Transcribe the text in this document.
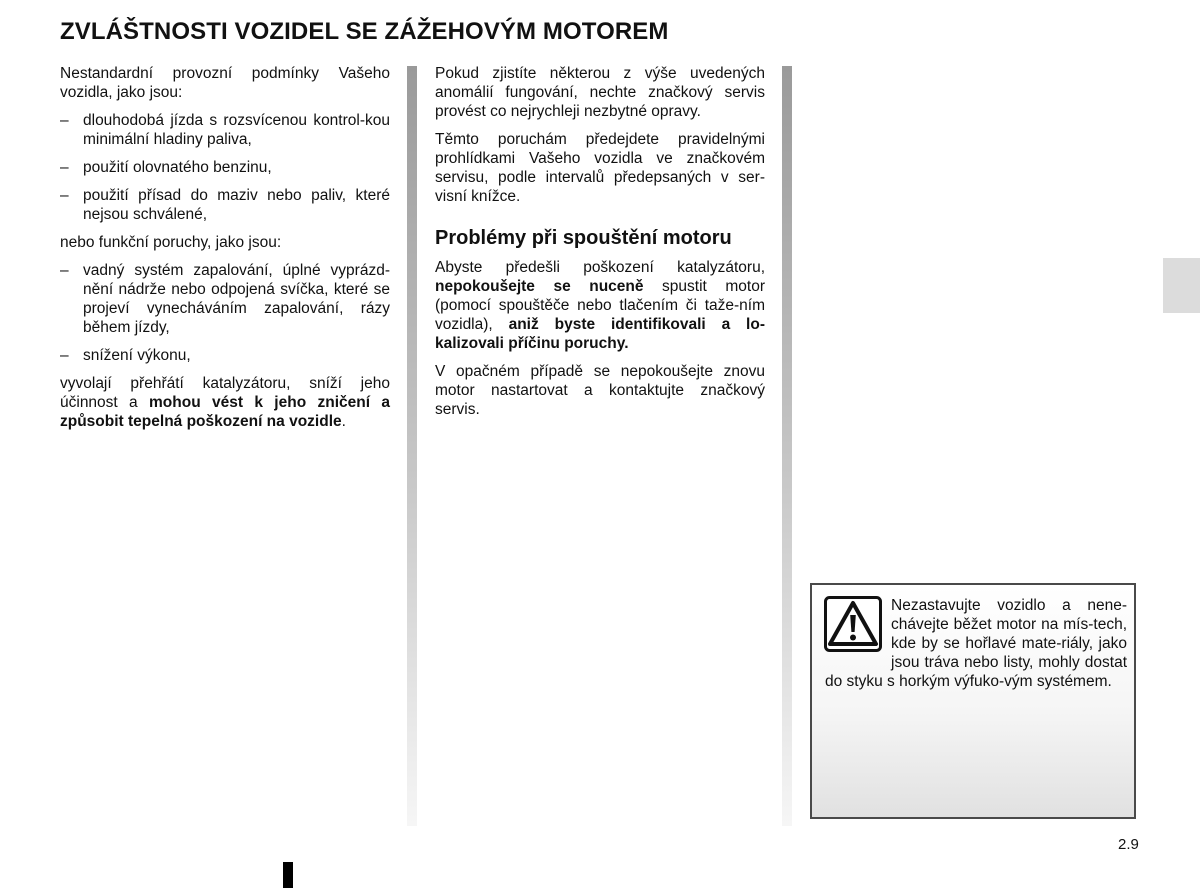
ZVLÁŠTNOSTI VOZIDEL SE ZÁŽEHOVÝM MOTOREM

Nestandardní provozní podmínky Vašeho vozidla, jako jsou:

– dlouhodobá jízda s rozsvícenou kontrol-kou minimální hladiny paliva,
– použití olovnatého benzinu,
– použití přísad do maziv nebo paliv, které nejsou schválené,

nebo funkční poruchy, jako jsou:

– vadný systém zapalování, úplné vyprázd-nění nádrže nebo odpojená svíčka, které se projeví vynecháváním zapalování, rázy během jízdy,
– snížení výkonu,

vyvolají přehřátí katalyzátoru, sníží jeho účinnost a mohou vést k jeho zničení a způsobit tepelná poškození na vozidle.

Pokud zjistíte některou z výše uvedených anomálií fungování, nechte značkový servis provést co nejrychleji nezbytné opravy.

Těmto poruchám předejdete pravidelnými prohlídkami Vašeho vozidla ve značkovém servisu, podle intervalů předepsaných v ser-visní knížce.

Problémy při spouštění motoru

Abyste předešli poškození katalyzátoru, nepokoušejte se nuceně spustit motor (pomocí spouštěče nebo tlačením či taže-ním vozidla), aniž byste identifikovali a lo-kalizovali příčinu poruchy.

V opačném případě se nepokoušejte znovu motor nastartovat a kontaktujte značkový servis.

Nezastavujte vozidlo a nene-chávejte běžet motor na mís-tech, kde by se hořlavé mate-riály, jako jsou tráva nebo listy, mohly dostat do styku s horkým výfuko-vým systémem.
2.9
